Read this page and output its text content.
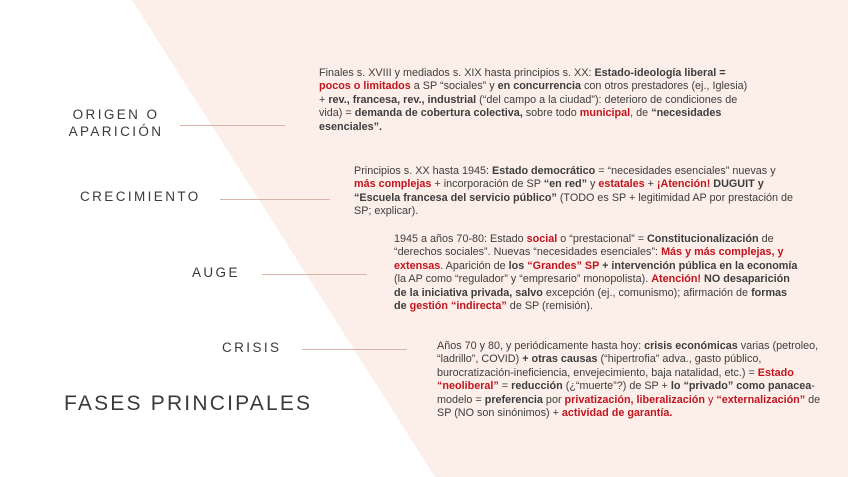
ORIGEN O
APARICIÓN
Finales s. XVIII y mediados s. XIX hasta principios s. XX: Estado-ideología liberal = pocos o limitados a SP “sociales” y en concurrencia con otros prestadores (ej., Iglesia) + rev., francesa, rev., industrial (“del campo a la ciudad”): deterioro de condiciones de vida) = demanda de cobertura colectiva, sobre todo municipal, de “necesidades esenciales”.
CRECIMIENTO
Principios s. XX hasta 1945: Estado democrático = “necesidades esenciales” nuevas y más complejas + incorporación de SP “en red” y estatales + ¡Atención! DUGUIT y “Escuela francesa del servicio público” (TODO es SP + legitimidad AP por prestación de SP; explicar).
AUGE
1945 a años 70-80: Estado social o “prestacional” = Constitucionalización de “derechos sociales”. Nuevas “necesidades esenciales”: Más y más complejas, y extensas. Aparición de los “Grandes” SP + intervención pública en la economía (la AP como “regulador” y “empresario” monopolista). Atención! NO desaparición de la iniciativa privada, salvo excepción (ej., comunismo); afirmación de formas de gestión “indirecta” de SP (remisión).
CRISIS	Años 70 y 80, y periódicamente hasta hoy: crisis económicas varias (petroleo, “ladrillo”, COVID) + otras causas (“hipertrofia” adva., gasto público, burocratización-ineficiencia, envejecimiento, baja natalidad, etc.) = Estado “neoliberal” = reducción (¿“muerte”?) de SP + lo “privado” como panacea-modelo = preferencia por privatización, liberalización y “externalización” de SP (NO son sinónimos) + actividad de garantía.
FASES PRINCIPALES
